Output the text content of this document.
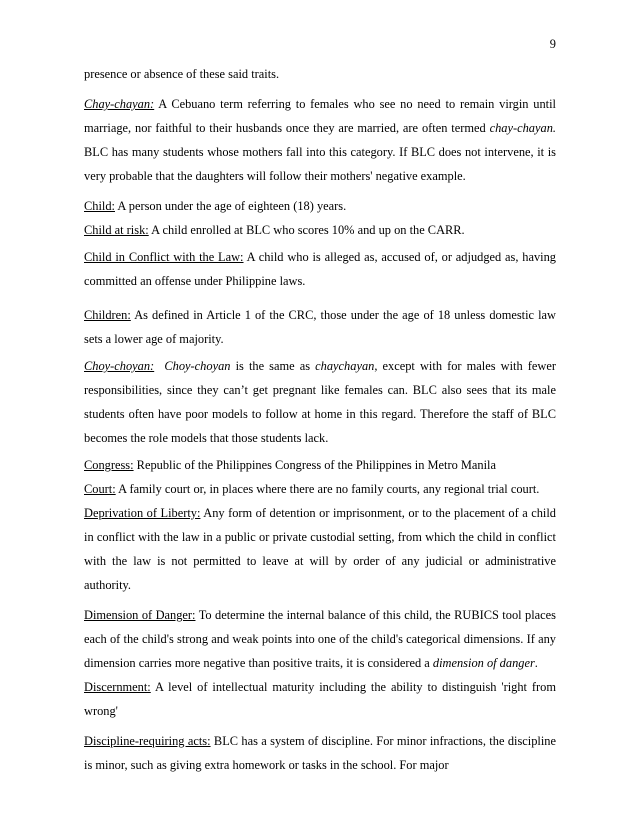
9
presence or absence of these said traits.
Chay-chayan: A Cebuano term referring to females who see no need to remain virgin until marriage, nor faithful to their husbands once they are married, are often termed chay-chayan. BLC has many students whose mothers fall into this category. If BLC does not intervene, it is very probable that the daughters will follow their mothers' negative example.
Child: A person under the age of eighteen (18) years.
Child at risk: A child enrolled at BLC who scores 10% and up on the CARR.
Child in Conflict with the Law: A child who is alleged as, accused of, or adjudged as, having committed an offense under Philippine laws.
Children: As defined in Article 1 of the CRC, those under the age of 18 unless domestic law sets a lower age of majority.
Choy-choyan: Choy-choyan is the same as chaychayan, except with for males with fewer responsibilities, since they can’t get pregnant like females can. BLC also sees that its male students often have poor models to follow at home in this regard. Therefore the staff of BLC becomes the role models that those students lack.
Congress: Republic of the Philippines Congress of the Philippines in Metro Manila
Court: A family court or, in places where there are no family courts, any regional trial court.
Deprivation of Liberty: Any form of detention or imprisonment, or to the placement of a child in conflict with the law in a public or private custodial setting, from which the child in conflict with the law is not permitted to leave at will by order of any judicial or administrative authority.
Dimension of Danger: To determine the internal balance of this child, the RUBICS tool places each of the child's strong and weak points into one of the child's categorical dimensions. If any dimension carries more negative than positive traits, it is considered a dimension of danger.
Discernment: A level of intellectual maturity including the ability to distinguish 'right from wrong'
Discipline-requiring acts: BLC has a system of discipline. For minor infractions, the discipline is minor, such as giving extra homework or tasks in the school. For major
